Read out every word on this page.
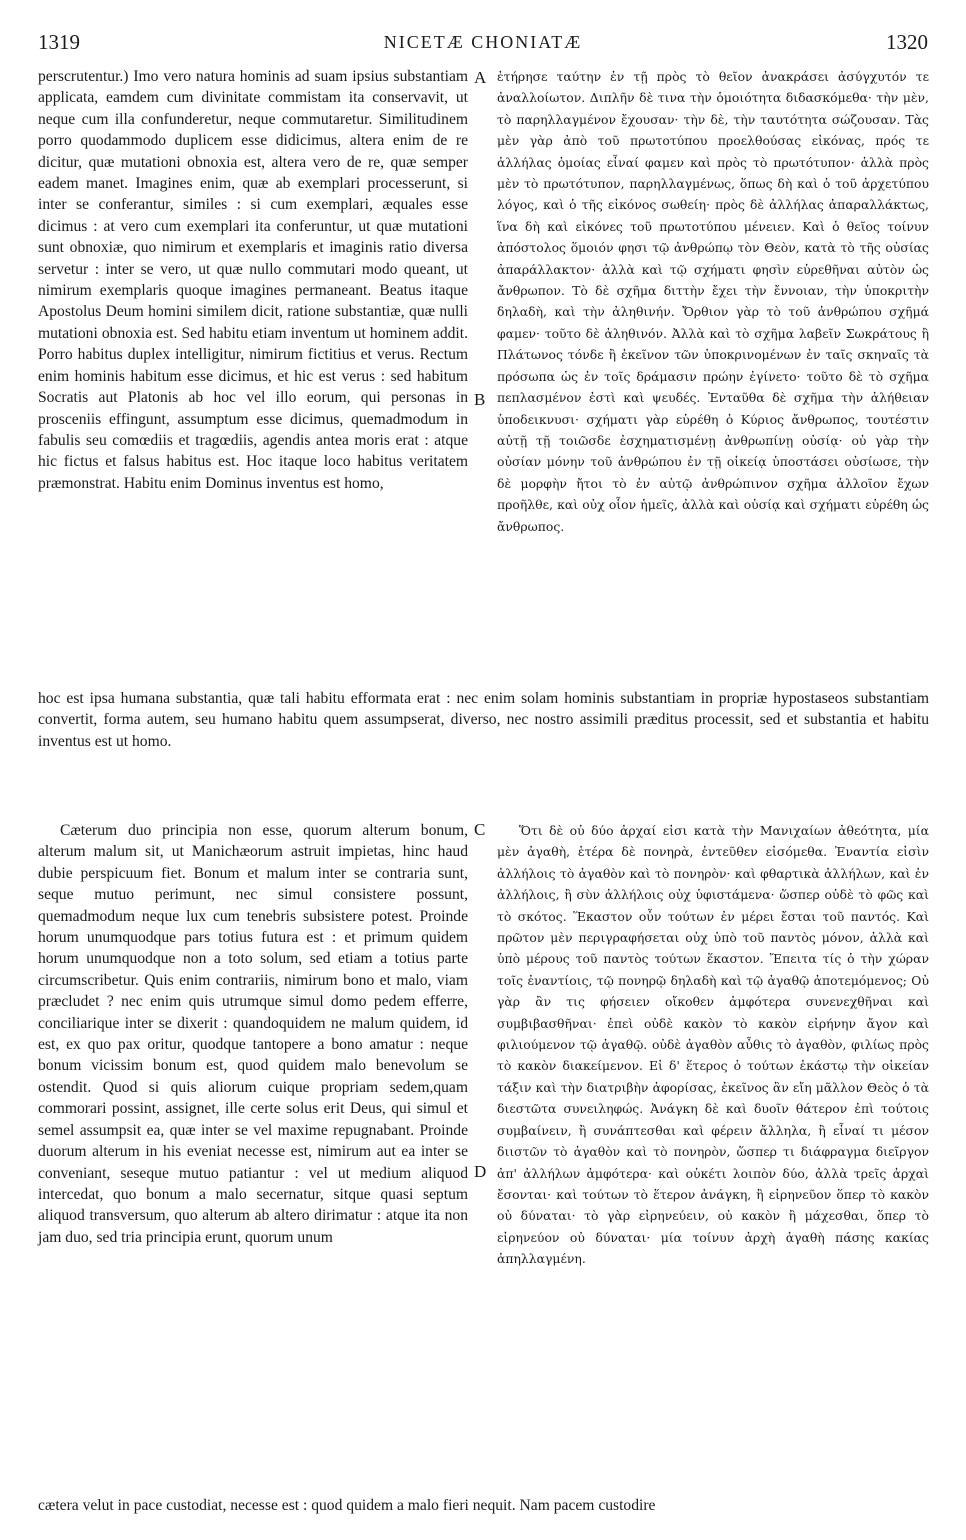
1319	NICETÆ CHONIATÆ	1320

perscrutentur.) Imo vero natura hominis ad suam ipsius substantiam applicata, eamdem cum divinitate commistam ita conservavit, ut neque cum illa confunderetur, neque commutaretur. Similitudinem porro quodammodo duplicem esse didicimus, altera enim de re dicitur, quæ mutationi obnoxia est, altera vero de re, quæ semper eadem manet. Imagines enim, quæ ab exemplari processerunt, si inter se conferantur, similes : si cum exemplari, æquales esse dicimus : at vero cum exemplari ita conferuntur, ut quæ mutationi sunt obnoxiæ, quo nimirum et exemplaris et imaginis ratio diversa servetur : inter se vero, ut quæ nullo commutari modo queant, ut nimirum exemplaris quoque imagines permaneant. Beatus itaque Apostolus Deum homini similem dicit, ratione substantiæ, quæ nulli mutationi obnoxia est. Sed habitu etiam inventum ut hominem addit. Porro habitus duplex intelligitur, nimirum fictitius et verus. Rectum enim hominis habitum esse dicimus, et hic est verus : sed habitum Socratis aut Platonis ab hoc vel illo eorum, qui personas in prosceniis effingunt, assumptum esse dicimus, quemadmodum in fabulis seu comœdiis et tragœdiis, agendis antea moris erat : atque hic fictus et falsus habitus est. Hoc itaque loco habitus veritatem præmonstrat. Habitu enim Dominus inventus est homo,

ἐτήρησε ταύτην ἐν τῇ πρὸς τὸ θεῖον ἀνακράσει ἀσύγχυτόν τε ἀναλλοίωτον. Διπλῆν δὲ τινα τὴν ὁμοιότητα διδασκόμεθα· τὴν μὲν, τὸ παρηλλαγμένον ἔχουσαν· τὴν δὲ, τὴν ταυτότητα σώζουσαν. Τὰς μὲν γὰρ ἀπὸ τοῦ πρωτοτύπου προελθούσας εἰκόνας, πρός τε ἀλλήλας ὁμοίας εἶναί φαμεν καὶ πρὸς τὸ πρωτότυπον· ἀλλὰ πρὸς μὲν τὸ πρωτότυπον, παρηλλαγμένως, ὅπως δὴ καὶ ὁ τοῦ ἀρχετύπου λόγος, καὶ ὁ τῆς εἰκόνος σωθείη· πρὸς δὲ ἀλλήλας ἀπαραλλάκτως, ἵνα δὴ καὶ εἰκόνες τοῦ πρωτοτύπου μένειεν. Καὶ ὁ θεῖος τοίνυν ἀπόστολος ὅμοιόν φησι τῷ ἀνθρώπῳ τὸν Θεὸν, κατὰ τὸ τῆς οὐσίας ἀπαράλλακτον· ἀλλὰ καὶ τῷ σχήματι φησὶν εὑρεθῆναι αὐτὸν ὡς ἄνθρωπον. Τὸ δὲ σχῆμα διττὴν ἔχει τὴν ἔννοιαν, τὴν ὑποκριτὴν δηλαδὴ, καὶ τὴν ἀληθινήν. Ὄρθιον γὰρ τὸ τοῦ ἀνθρώπου σχῆμά φαμεν· τοῦτο δὲ ἀληθινόν. Ἀλλὰ καὶ τὸ σχῆμα λαβεῖν Σωκράτους ἢ Πλάτωνος τόνδε ἢ ἐκεῖνον τῶν ὑποκρινομένων ἐν ταῖς σκηναῖς τὰ πρόσωπα ὡς ἐν τοῖς δράμασιν πρώην ἐγίνετο· τοῦτο δὲ τὸ σχῆμα πεπλασμένον ἐστὶ καὶ ψευδές. Ἐνταῦθα δὲ σχῆμα τὴν ἀλήθειαν ὑποδεικνυσι· σχήματι γὰρ εὑρέθη ὁ Κύριος ἄνθρωπος, τουτέστιν αὐτῇ τῇ τοιῶσδε ἐσχηματισμένῃ ἀνθρωπίνῃ οὐσίᾳ· οὐ γὰρ τὴν οὐσίαν μόνην τοῦ ἀνθρώπου ἐν τῇ οἰκείᾳ ὑποστάσει οὐσίωσε, τὴν δὲ μορφὴν ἤτοι τὸ ἐν αὐτῷ ἀνθρώπινον σχῆμα ἀλλοῖον ἔχων προῆλθε, καὶ οὐχ οἷον ἡμεῖς, ἀλλὰ καὶ οὐσίᾳ καὶ σχήματι εὑρέθη ὡς ἄνθρωπος.

A
B

hoc est ipsa humana substantia, quæ tali habitu efformata erat : nec enim solam hominis substantiam in propriæ hypostaseos substantiam convertit, forma autem, seu humano habitu quem assumpserat, diverso, nec nostro assimili præditus processit, sed et substantia et habitu inventus est ut homo.

Cæterum duo principia non esse, quorum alterum bonum, alterum malum sit, ut Manichæorum astruit impietas, hinc haud dubie perspicuum fiet. Bonum et malum inter se contraria sunt, seque mutuo perimunt, nec simul consistere possunt, quemadmodum neque lux cum tenebris subsistere potest. Proinde horum unumquodque pars totius futura est : et primum quidem horum unumquodque non a toto solum, sed etiam a totius parte circumscribetur. Quis enim contrariis, nimirum bono et malo, viam præcludet ? nec enim quis utrumque simul domo pedem efferre, conciliarique inter se dixerit : quandoquidem ne malum quidem, id est, ex quo pax oritur, quodque tantopere a bono amatur : neque bonum vicissim bonum est, quod quidem malo benevolum se ostendit. Quod si quis aliorum cuique propriam sedem,quam commorari possint, assignet, ille certe solus erit Deus, qui simul et semel assumpsit ea, quæ inter se vel maxime repugnabant. Proinde duorum alterum in his eveniat necesse est, nimirum aut ea inter se conveniant, seseque mutuo patiantur : vel ut medium aliquod intercedat, quo bonum a malo secernatur, sitque quasi septum aliquod transversum, quo alterum ab altero dirimatur : atque ita non jam duo, sed tria principia erunt, quorum unum

Ὅτι δὲ οὐ δύο ἀρχαί εἰσι κατὰ τὴν Μανιχαίων ἀθεότητα, μία μὲν ἀγαθὴ, ἑτέρα δὲ πονηρὰ, ἐντεῦθεν εἰσόμεθα. Ἐναντία εἰσὶν ἀλλήλοις τὸ ἀγαθὸν καὶ τὸ πονηρὸν· καὶ φθαρτικὰ ἀλλήλων, καὶ ἐν ἀλλήλοις, ἢ σὺν ἀλλήλοις οὐχ ὑφιστάμενα· ὥσπερ οὐδὲ τὸ φῶς καὶ τὸ σκότος. Ἕκαστον οὖν τούτων ἐν μέρει ἔσται τοῦ παντός. Καὶ πρῶτον μὲν περιγραφήσεται οὐχ ὑπὸ τοῦ παντὸς μόνον, ἀλλὰ καὶ ὑπὸ μέρους τοῦ παντὸς τούτων ἕκαστον. Ἔπειτα τίς ὁ τὴν χώραν τοῖς ἐναντίοις, τῷ πονηρῷ δηλαδὴ καὶ τῷ ἀγαθῷ ἀποτεμόμενος; Οὐ γὰρ ἂν τις φήσειεν οἴκοθεν ἀμφότερα συνενεχθῆναι καὶ συμβιβασθῆναι· ἐπεὶ οὐδὲ κακὸν τὸ κακὸν εἰρήνην ἄγον καὶ φιλιούμενον τῷ ἀγαθῷ. οὐδὲ ἀγαθὸν αὖθις τὸ ἀγαθὸν, φιλίως πρὸς τὸ κακὸν διακείμενον. Εἰ δ' ἕτερος ὁ τούτων ἑκάστῳ τὴν οἰκείαν τάξιν καὶ τὴν διατριβὴν ἀφορίσας, ἐκεῖνος ἂν εἴη μᾶλλον Θεὸς ὁ τὰ διεστῶτα συνειληφώς. Ἀνάγκη δὲ καὶ δυοῖν θάτερον ἐπὶ τούτοις συμβαίνειν, ἢ συνάπτεσθαι καὶ φέρειν ἄλληλα, ἢ εἶναί τι μέσον διιστῶν τὸ ἀγαθὸν καὶ τὸ πονηρὸν, ὥσπερ τι διάφραγμα διεῖργον ἀπ' ἀλλήλων ἀμφότερα· καὶ οὐκέτι λοιπὸν δύο, ἀλλὰ τρεῖς ἀρχαὶ ἔσονται· καὶ τούτων τὸ ἕτερον ἀνάγκη, ἢ εἰρηνεῦον ὅπερ τὸ κακὸν οὐ δύναται· τὸ γὰρ εἰρηνεύειν, οὐ κακὸν ἢ μάχεσθαι, ὅπερ τὸ εἰρηνεύον οὐ δύναται· μία τοίνυν ἀρχὴ ἀγαθὴ πάσης κακίας ἀπηλλαγμένη.

C
D

cætera velut in pace custodiat, necesse est : quod quidem a malo fieri nequit. Nam pacem custodire
